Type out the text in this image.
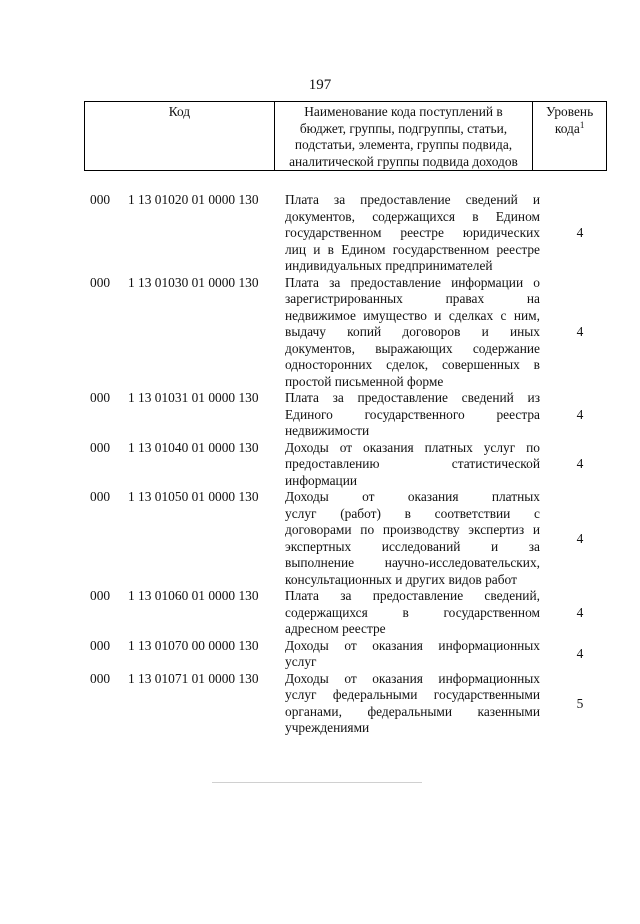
197
Код	Наименование кода поступлений в
бюджет, группы, подгруппы, статьи,
подстатьи, элемента, группы подвида,
аналитической группы подвида доходов

Уровень
кода$^1$
000	1 13 01020 01 0000 130	Плата за предоставление сведений и
документов, содержащихся в Едином
государственном реестре юридических
лиц и в Едином государственном реестре
индивидуальных предпринимателей
4
000	1 13 01030 01 0000 130	Плата за предоставление информации о
зарегистрированных правах на
недвижимое имущество и сделках с ним,
выдачу копий договоров и иных
документов, выражающих содержание
односторонних сделок, совершенных в
простой письменной форме
4
000	1 13 01031 01 0000 130	Плата за предоставление сведений из
Единого государственного реестра
недвижимости
4
000	1 13 01040 01 0000 130	Доходы от оказания платных услуг по
предоставлению статистической
информации
4
000	1 13 01050 01 0000 130	Доходы от оказания платных
услуг (работ) в соответствии с
договорами по производству экспертиз и
экспертных исследований и за
выполнение научно-исследовательских,
консультационных и других видов работ
4
000	1 13 01060 01 0000 130	Плата за предоставление сведений,
содержащихся в государственном
адресном реестре
4
000	1 13 01070 00 0000 130	Доходы от оказания информационных
услуг
4
000	1 13 01071 01 0000 130	Доходы от оказания информационных
услуг федеральными государственными
органами, федеральными казенными
учреждениями
5
